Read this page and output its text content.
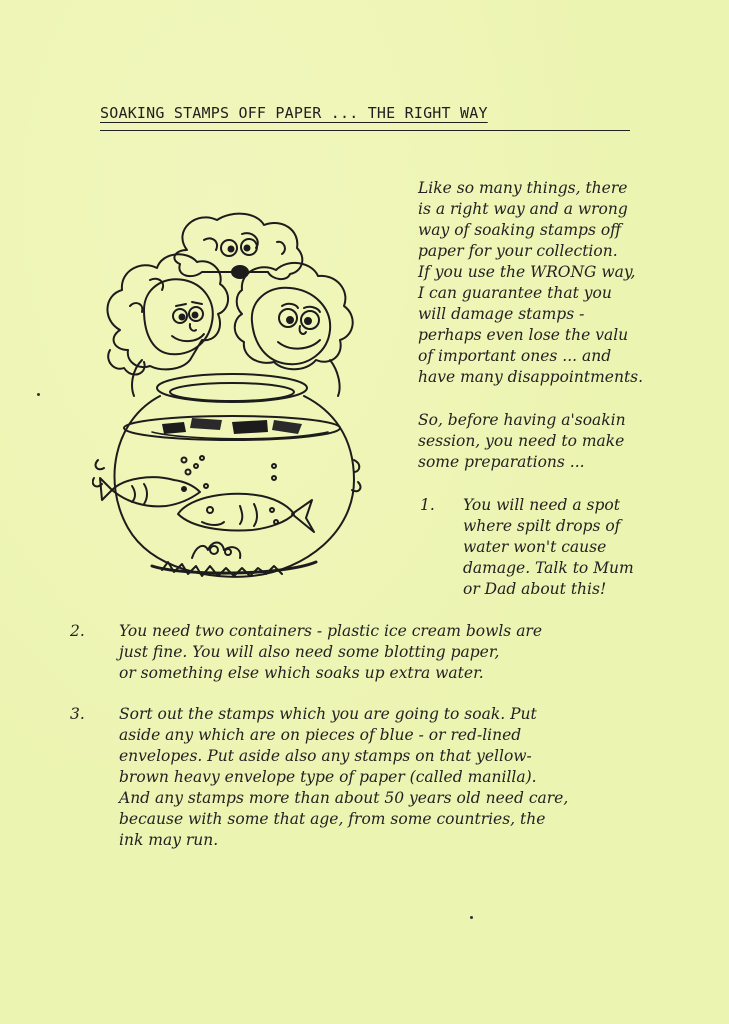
SOAKING STAMPS OFF PAPER ... THE RIGHT WAY

Like so many things, there

is a right way and a wrong

way of soaking stamps off

paper for your collection.

If you use the WRONG way,

I can guarantee that you

will damage stamps -

perhaps even lose the valu

of important ones ... and

have many disappointments.

So, before having a'soakin

session, you need to make

some preparations ...

1. You will need a spot

where spilt drops of

water won't cause

damage. Talk to Mum

or Dad about this!

2. You need two containers - plastic ice cream bowls are

just fine. You will also need some blotting paper,

or something else which soaks up extra water.

3. Sort out the stamps which you are going to soak. Put

aside any which are on pieces of blue - or red-lined

envelopes. Put aside also any stamps on that yellow-

brown heavy envelope type of paper (called manilla).

And any stamps more than about 50 years old need care,

because with some that age, from some countries, the

ink may run.
